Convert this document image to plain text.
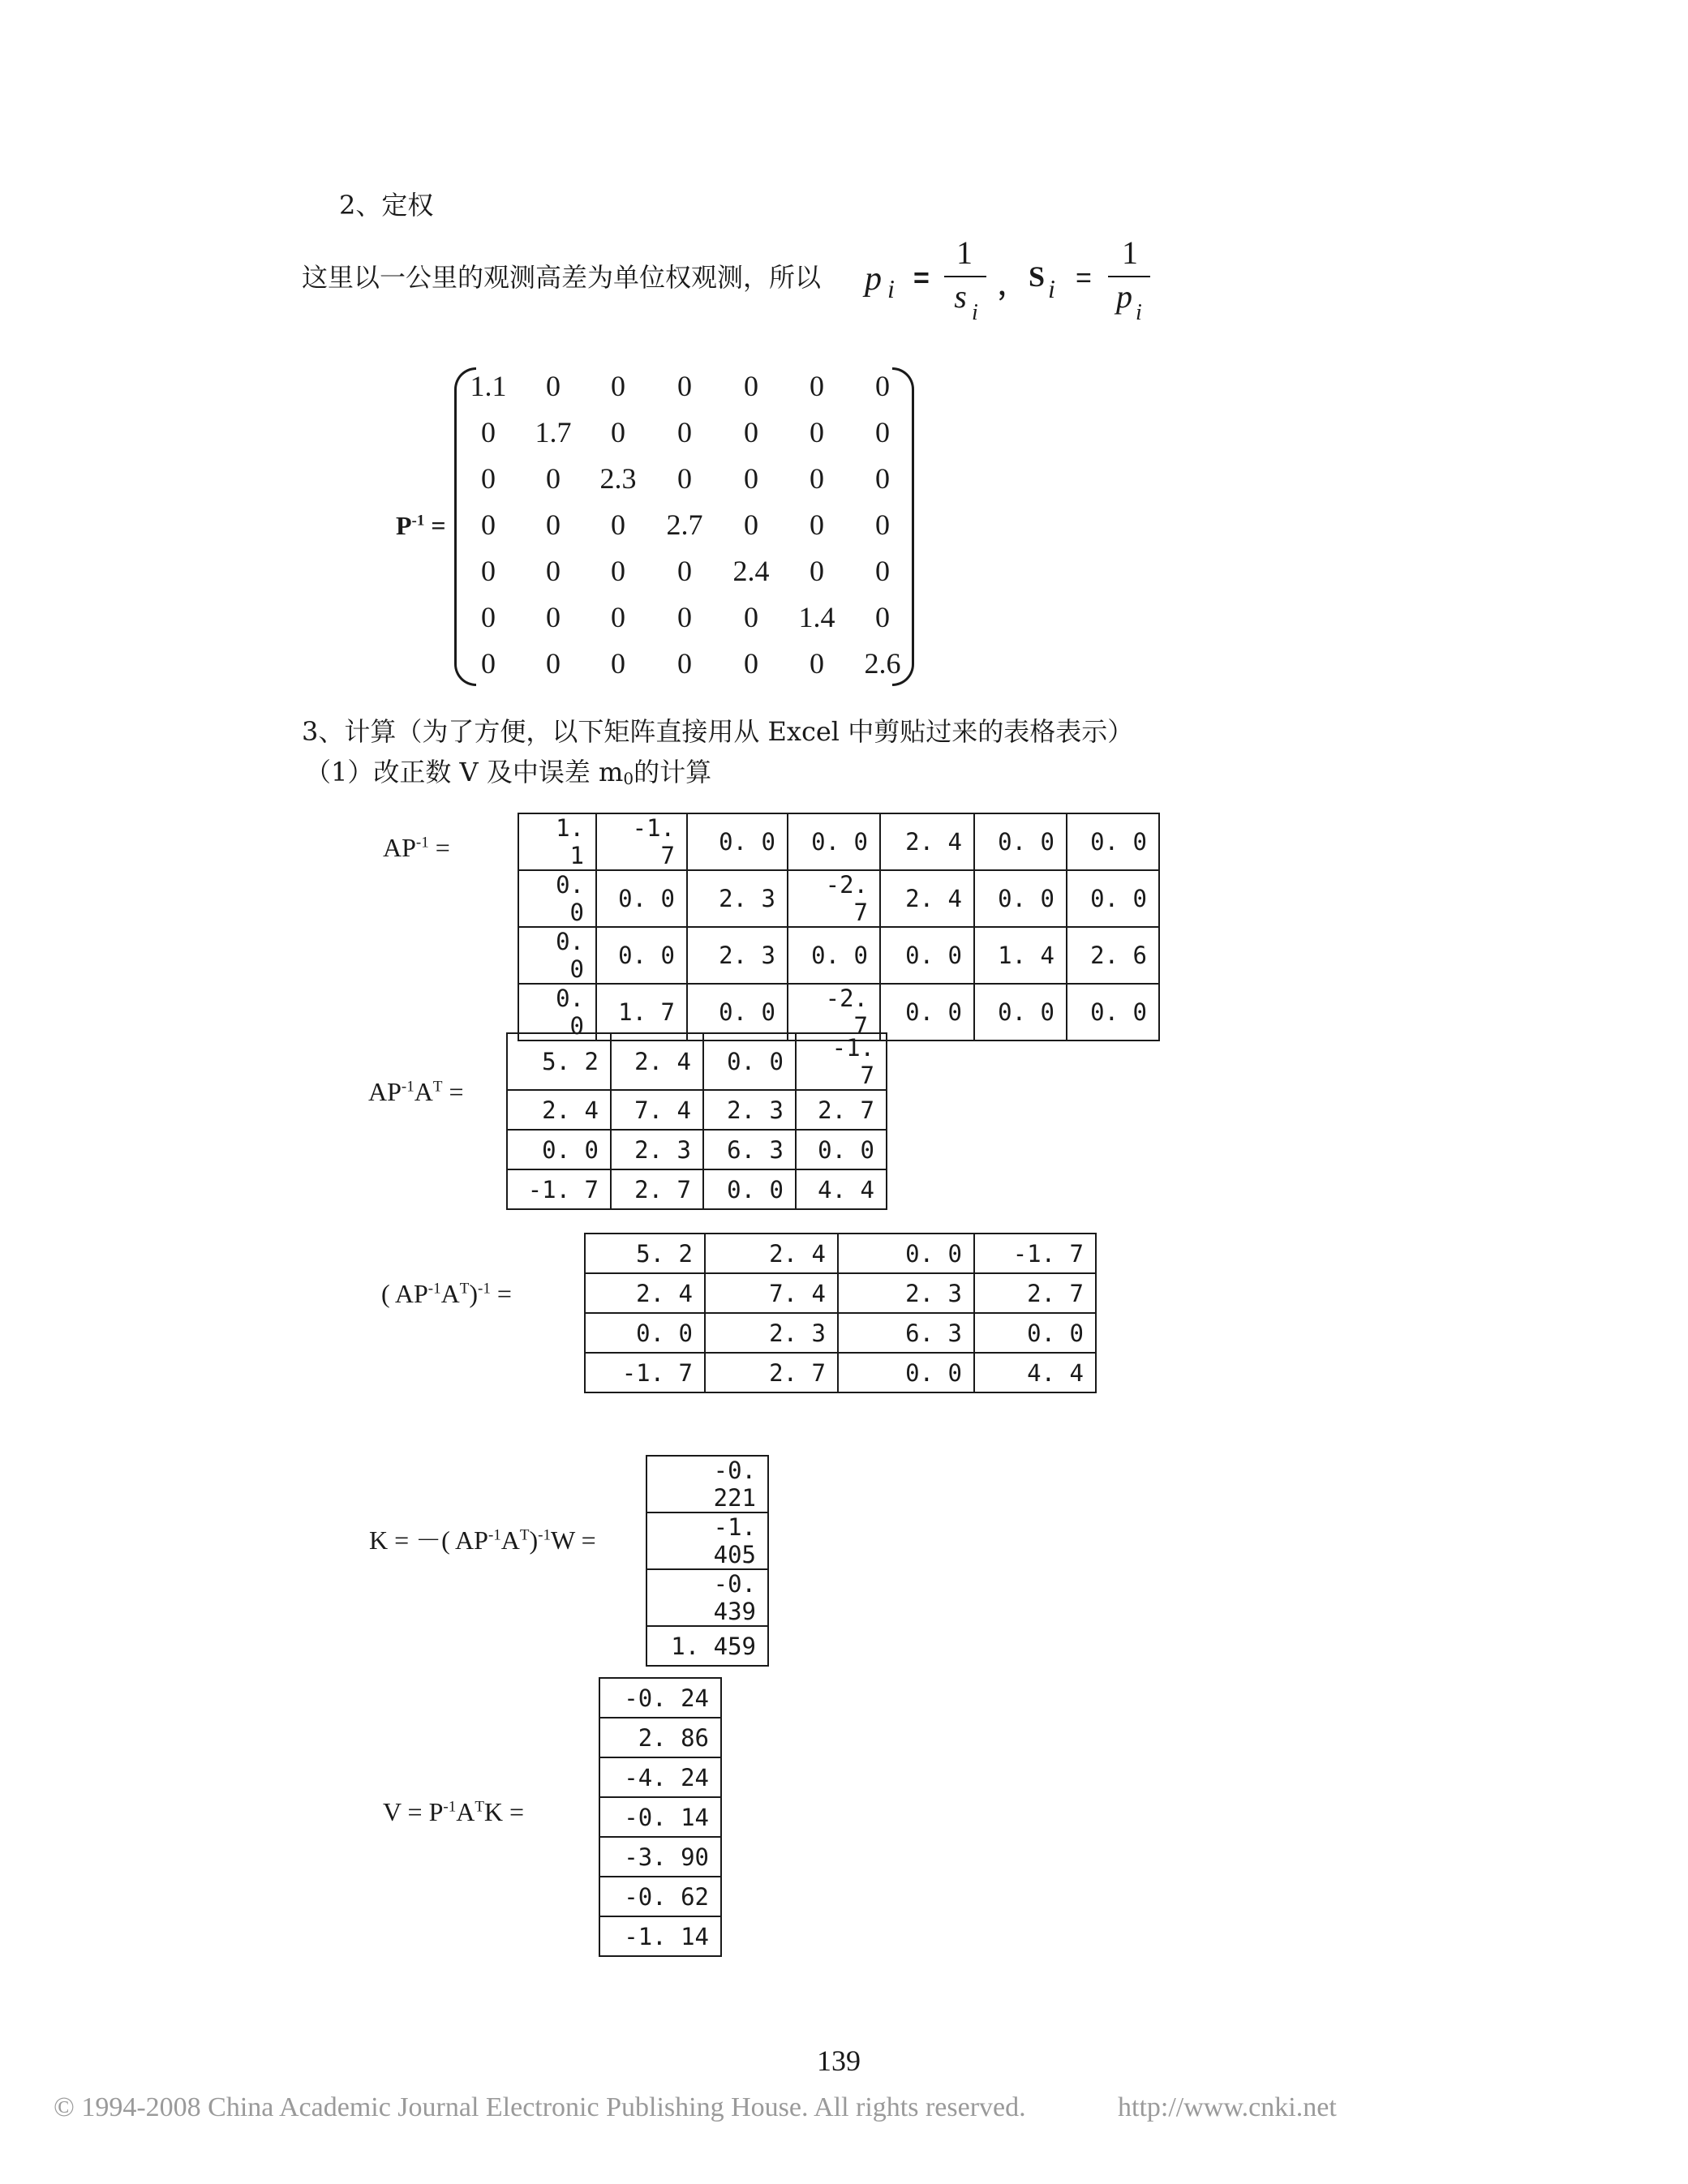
2、定权
这里以一公里的观测高差为单位权观测，所以 p i =
1
s i
， S i =
1
p i
$P^{-1}$ =
1.1	0	0	0	0	0	0
0	1.7	0	0	0	0	0
0	0	2.3	0	0	0	0
0	0	0	2.7	0	0	0
0	0	0	0	2.4	0	0
0	0	0	0	0	1.4	0
0	0	0	0	0	0	2.6
3、计算（为了方便，以下矩阵直接用从 Excel 中剪贴过来的表格表示）
（1）改正数 V 及中误差 m0的计算
$AP^{-1}$ =
1. 1	-1. 7	0. 0	0. 0	2. 4	0. 0	0. 0
0. 0	0. 0	2. 3	-2. 7	2. 4	0. 0	0. 0
0. 0	0. 0	2. 3	0. 0	0. 0	1. 4	2. 6
0. 0	1. 7	0. 0	-2. 7	0. 0	0. 0	0. 0
$AP^{-1}A^T$ =
5. 2	2. 4	0. 0	-1. 7
2. 4	7. 4	2. 3	2. 7
0. 0	2. 3	6. 3	0. 0
-1. 7	2. 7	0. 0	4. 4
( $AP^{-1}A^T)^{-1}$ =
5. 2	2. 4	0. 0	-1. 7
2. 4	7. 4	2. 3	2. 7
0. 0	2. 3	6. 3	0. 0
-1. 7	2. 7	0. 0	4. 4
K = －( $AP^{-1}A^T)^{-1}W$ =
-0. 221
-1. 405
-0. 439
1. 459
$V = P^{-1}A^TK$ =
-0. 24
2. 86
-4. 24
-0. 14
-3. 90
-0. 62
-1. 14
139
© 1994-2008 China Academic Journal Electronic Publishing House. All rights reserved.	http://www.cnki.net
